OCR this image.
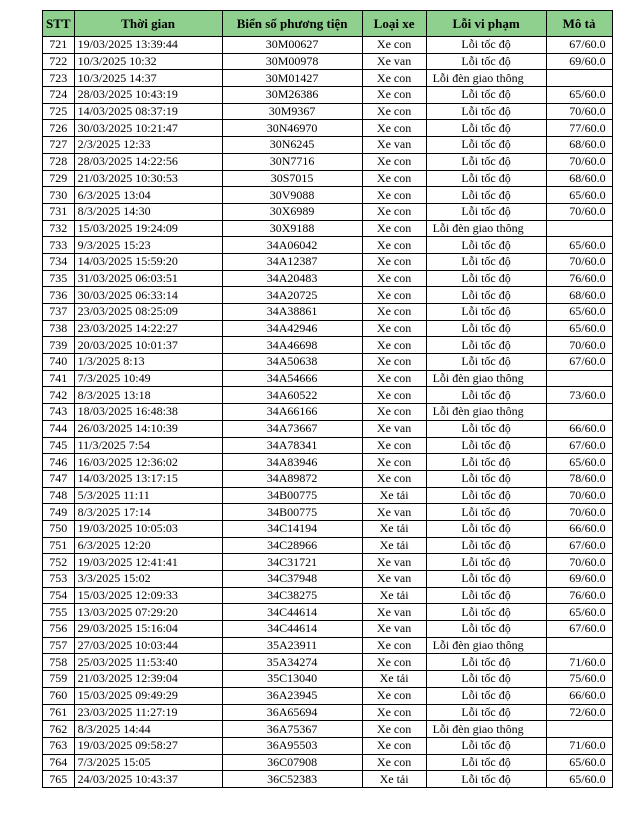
STT	Thời gian	Biển số phương tiện	Loại xe	Lỗi vi phạm	Mô tả
721	19/03/2025 13:39:44	30M00627	Xe con	Lỗi tốc độ	67/60.0
722	10/3/2025 10:32	30M00978	Xe van	Lỗi tốc độ	69/60.0
723	10/3/2025 14:37	30M01427	Xe con	Lỗi đèn giao thông	
724	28/03/2025 10:43:19	30M26386	Xe con	Lỗi tốc độ	65/60.0
725	14/03/2025 08:37:19	30M9367	Xe con	Lỗi tốc độ	70/60.0
726	30/03/2025 10:21:47	30N46970	Xe con	Lỗi tốc độ	77/60.0
727	2/3/2025 12:33	30N6245	Xe van	Lỗi tốc độ	68/60.0
728	28/03/2025 14:22:56	30N7716	Xe con	Lỗi tốc độ	70/60.0
729	21/03/2025 10:30:53	30S7015	Xe con	Lỗi tốc độ	68/60.0
730	6/3/2025 13:04	30V9088	Xe con	Lỗi tốc độ	65/60.0
731	8/3/2025 14:30	30X6989	Xe con	Lỗi tốc độ	70/60.0
732	15/03/2025 19:24:09	30X9188	Xe con	Lỗi đèn giao thông	
733	9/3/2025 15:23	34A06042	Xe con	Lỗi tốc độ	65/60.0
734	14/03/2025 15:59:20	34A12387	Xe con	Lỗi tốc độ	70/60.0
735	31/03/2025 06:03:51	34A20483	Xe con	Lỗi tốc độ	76/60.0
736	30/03/2025 06:33:14	34A20725	Xe con	Lỗi tốc độ	68/60.0
737	23/03/2025 08:25:09	34A38861	Xe con	Lỗi tốc độ	65/60.0
738	23/03/2025 14:22:27	34A42946	Xe con	Lỗi tốc độ	65/60.0
739	20/03/2025 10:01:37	34A46698	Xe con	Lỗi tốc độ	70/60.0
740	1/3/2025 8:13	34A50638	Xe con	Lỗi tốc độ	67/60.0
741	7/3/2025 10:49	34A54666	Xe con	Lỗi đèn giao thông	
742	8/3/2025 13:18	34A60522	Xe con	Lỗi tốc độ	73/60.0
743	18/03/2025 16:48:38	34A66166	Xe con	Lỗi đèn giao thông	
744	26/03/2025 14:10:39	34A73667	Xe van	Lỗi tốc độ	66/60.0
745	11/3/2025 7:54	34A78341	Xe con	Lỗi tốc độ	67/60.0
746	16/03/2025 12:36:02	34A83946	Xe con	Lỗi tốc độ	65/60.0
747	14/03/2025 13:17:15	34A89872	Xe con	Lỗi tốc độ	78/60.0
748	5/3/2025 11:11	34B00775	Xe tải	Lỗi tốc độ	70/60.0
749	8/3/2025 17:14	34B00775	Xe van	Lỗi tốc độ	70/60.0
750	19/03/2025 10:05:03	34C14194	Xe tải	Lỗi tốc độ	66/60.0
751	6/3/2025 12:20	34C28966	Xe tải	Lỗi tốc độ	67/60.0
752	19/03/2025 12:41:41	34C31721	Xe van	Lỗi tốc độ	70/60.0
753	3/3/2025 15:02	34C37948	Xe van	Lỗi tốc độ	69/60.0
754	15/03/2025 12:09:33	34C38275	Xe tải	Lỗi tốc độ	76/60.0
755	13/03/2025 07:29:20	34C44614	Xe van	Lỗi tốc độ	65/60.0
756	29/03/2025 15:16:04	34C44614	Xe van	Lỗi tốc độ	67/60.0
757	27/03/2025 10:03:44	35A23911	Xe con	Lỗi đèn giao thông	
758	25/03/2025 11:53:40	35A34274	Xe con	Lỗi tốc độ	71/60.0
759	21/03/2025 12:39:04	35C13040	Xe tải	Lỗi tốc độ	75/60.0
760	15/03/2025 09:49:29	36A23945	Xe con	Lỗi tốc độ	66/60.0
761	23/03/2025 11:27:19	36A65694	Xe con	Lỗi tốc độ	72/60.0
762	8/3/2025 14:44	36A75367	Xe con	Lỗi đèn giao thông	
763	19/03/2025 09:58:27	36A95503	Xe con	Lỗi tốc độ	71/60.0
764	7/3/2025 15:05	36C07908	Xe con	Lỗi tốc độ	65/60.0
765	24/03/2025 10:43:37	36C52383	Xe tải	Lỗi tốc độ	65/60.0
